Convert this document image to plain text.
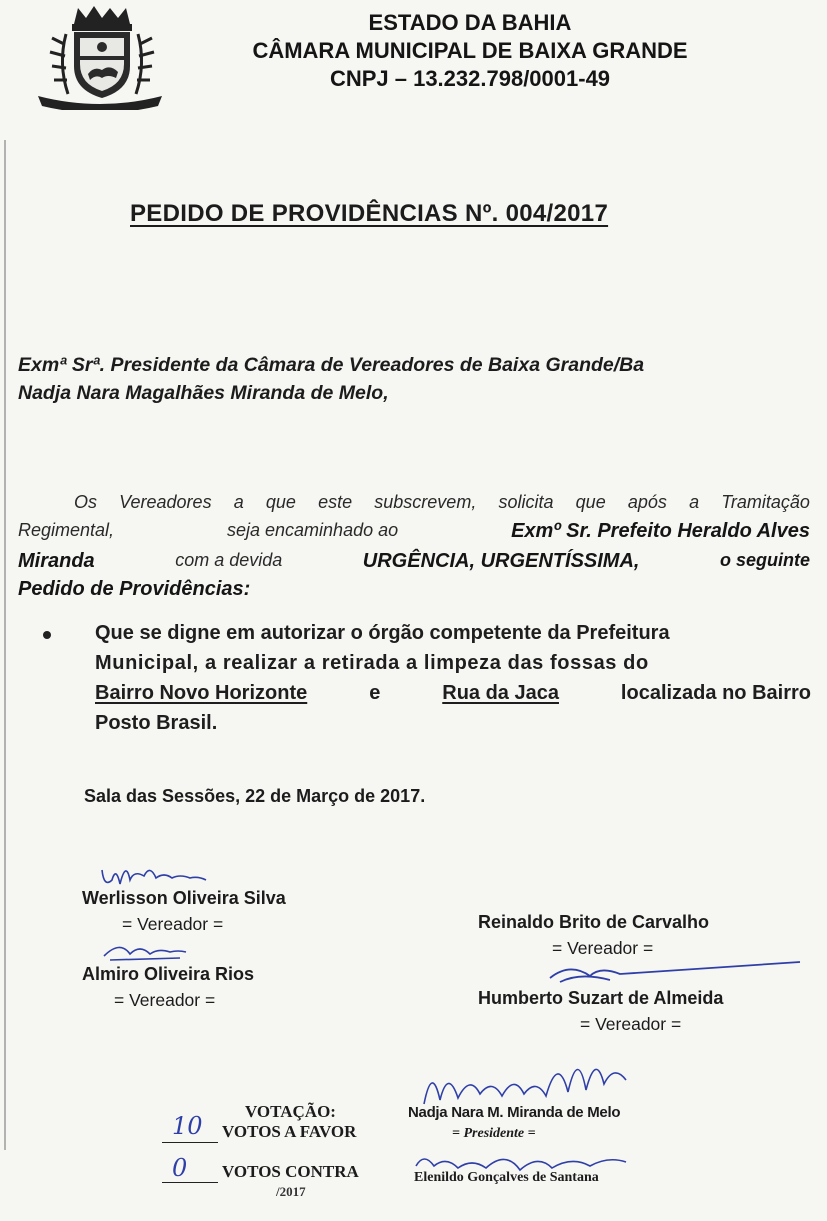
ESTADO DA BAHIA
CÂMARA MUNICIPAL DE BAIXA GRANDE
CNPJ – 13.232.798/0001-49
PEDIDO DE PROVIDÊNCIAS Nº. 004/2017
Exmª Srª. Presidente da Câmara de Vereadores de Baixa Grande/Ba
Nadja Nara Magalhães Miranda de Melo,
Os Vereadores a que este subscrevem, solicita que após a Tramitação
Regimental,	seja encaminhado ao	Exmº Sr. Prefeito Heraldo Alves
Miranda	com a devida	URGÊNCIA, URGENTÍSSIMA,	o seguinte
Pedido de Providências:
Que se digne em autorizar o órgão competente da Prefeitura
Municipal, a realizar a retirada a limpeza das fossas do
Bairro Novo Horizonte	e	Rua da Jaca	localizada no Bairro
Posto Brasil.
Sala das Sessões, 22 de Março de 2017.
Werlisson Oliveira Silva
= Vereador =
Almiro Oliveira Rios
= Vereador =
Reinaldo Brito de Carvalho
= Vereador =
Humberto Suzart de Almeida
= Vereador =
VOTAÇÃO:
10 VOTOS A FAVOR
0 VOTOS CONTRA
/2017
Nadja Nara M. Miranda de Melo
= Presidente =
Elenildo Gonçalves de Santana
